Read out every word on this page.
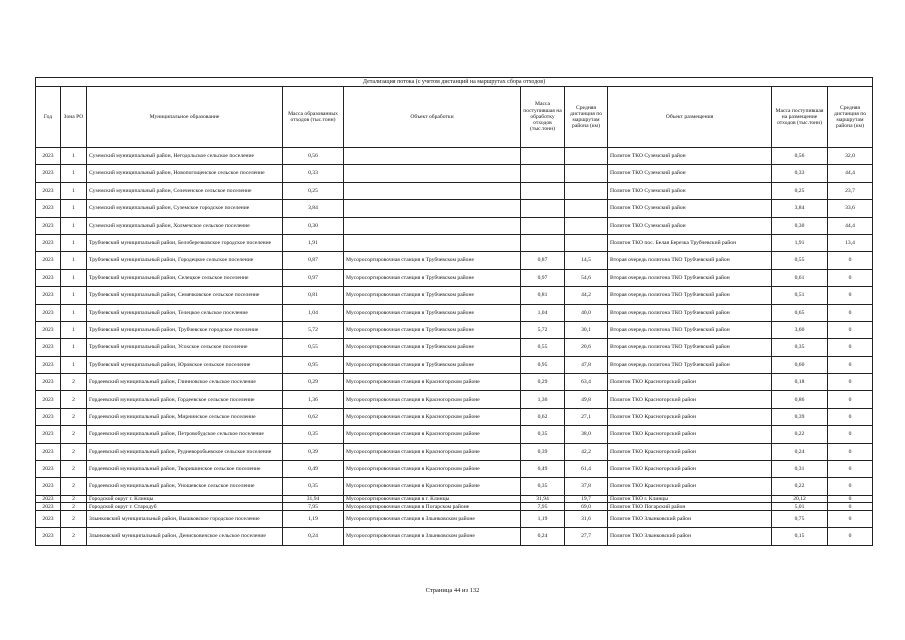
Детализация потока (с учетом дистанций на маршрутах сбора отходов)									
Год	Зона РО	Муниципальное образование	Масса образованных отходов (тыс.тонн)	Объект обработки	Масса поступившая на обработку отходов (тыс.тонн)	Средняя дистанция по маршрутам района (км)	Объект размещения	Масса поступившая на размещение отходов (тыс.тонн)	Средняя дистанция по маршрутам района (км)
2023	1	Суземский муниципальный район, Негодольское сельское поселение	0,56				Полигон ТКО Суземский район	0,56	32,0
2023	1	Суземский муниципальный район, Новопогощенское сельское поселение	0,33				Полигон ТКО Суземский район	0,33	44,4
2023	1	Суземский муниципальный район, Селеченское сельское поселение	0,25				Полигон ТКО Суземский район	0,25	23,7
2023	1	Суземский муниципальный район, Суземское городское поселение	3,84				Полигон ТКО Суземский район	3,84	33,6
2023	1	Суземский муниципальный район, Холмечское сельское поселение	0,30				Полигон ТКО Суземский район	0,30	44,4
2023	1	Трубчевский муниципальный район, Белоберезковское городское поселение	1,91				Полигон ТКО пос. Белая Березка Трубчевский район	1,91	13,4
2023	1	Трубчевский муниципальный район, Городецкое сельское поселение	0,87	Мусоросортировочная станция в Трубчевском районе	0,87	14,5	Вторая очередь полигона ТКО Трубчевский район	0,55	0
2023	1	Трубчевский муниципальный район, Селецкое сельское поселение	0,97	Мусоросортировочная станция в Трубчевском районе	0,97	54,6	Вторая очередь полигона ТКО Трубчевский район	0,61	0
2023	1	Трубчевский муниципальный район, Семячковское сельское поселение	0,81	Мусоросортировочная станция в Трубчевском районе	0,81	44,2	Вторая очередь полигона ТКО Трубчевский район	0,51	0
2023	1	Трубчевский муниципальный район, Телецкое сельское поселение	1,04	Мусоросортировочная станция в Трубчевском районе	1,04	40,0	Вторая очередь полигона ТКО Трубчевский район	0,65	0
2023	1	Трубчевский муниципальный район, Трубчевское городское поселение	5,72	Мусоросортировочная станция в Трубчевском районе	5,72	30,1	Вторая очередь полигона ТКО Трубчевский район	3,60	0
2023	1	Трубчевский муниципальный район, Усохское сельское поселение	0,55	Мусоросортировочная станция в Трубчевском районе	0,55	20,6	Вторая очередь полигона ТКО Трубчевский район	0,35	0
2023	1	Трубчевский муниципальный район, Юровское сельское поселение	0,95	Мусоросортировочная станция в Трубчевском районе	0,95	47,8	Вторая очередь полигона ТКО Трубчевский район	0,60	0
2023	2	Гордеевский муниципальный район, Глинновское сельское поселение	0,29	Мусоросортировочная станция в Красногорском районе	0,29	63,4	Полигон ТКО Красногорский район	0,18	0
2023	2	Гордеевский муниципальный район, Гордеевское сельское поселение	1,36	Мусоросортировочная станция в Красногорском районе	1,36	49,8	Полигон ТКО Красногорский район	0,86	0
2023	2	Гордеевский муниципальный район, Мирнинское сельское поселение	0,62	Мусоросортировочная станция в Красногорском районе	0,62	27,1	Полигон ТКО Красногорский район	0,39	0
2023	2	Гордеевский муниципальный район, Петровобудское сельское поселение	0,35	Мусоросортировочная станция в Красногорском районе	0,35	38,0	Полигон ТКО Красногорский район	0,22	0
2023	2	Гордеевский муниципальный район, Рудневоробьевское сельское поселение	0,39	Мусоросортировочная станция в Красногорском районе	0,39	42,2	Полигон ТКО Красногорский район	0,24	0
2023	2	Гордеевский муниципальный район, Творишинское сельское поселение	0,49	Мусоросортировочная станция в Красногорском районе	0,49	61,4	Полигон ТКО Красногорский район	0,31	0
2023	2	Гордеевский муниципальный район, Уношевское сельское поселение	0,35	Мусоросортировочная станция в Красногорском районе	0,35	37,8	Полигон ТКО Красногорский район	0,22	0
2023	2	Городской округ г. Клинцы	31,94	Мусоросортировочная станция в г. Клинцы	31,94	19,7	Полигон ТКО г. Клинцы	20,12	0
2023	2	Городской округ г. Стародуб	7,95	Мусоросортировочная станция в Погарском районе	7,95	69,0	Полигон ТКО Погарский район	5,01	0
2023	2	Злынковский муниципальный район, Вышковское городское поселение	1,19	Мусоросортировочная станция в Злынковском районе	1,19	31,6	Полигон ТКО Злынковский район	0,75	0
2023	2	Злынковский муниципальный район, Денисковичское сельское поселение	0,24	Мусоросортировочная станция в Злынковском районе	0,24	27,7	Полигон ТКО Злынковский район	0,15	0
Страница 44 из 132
